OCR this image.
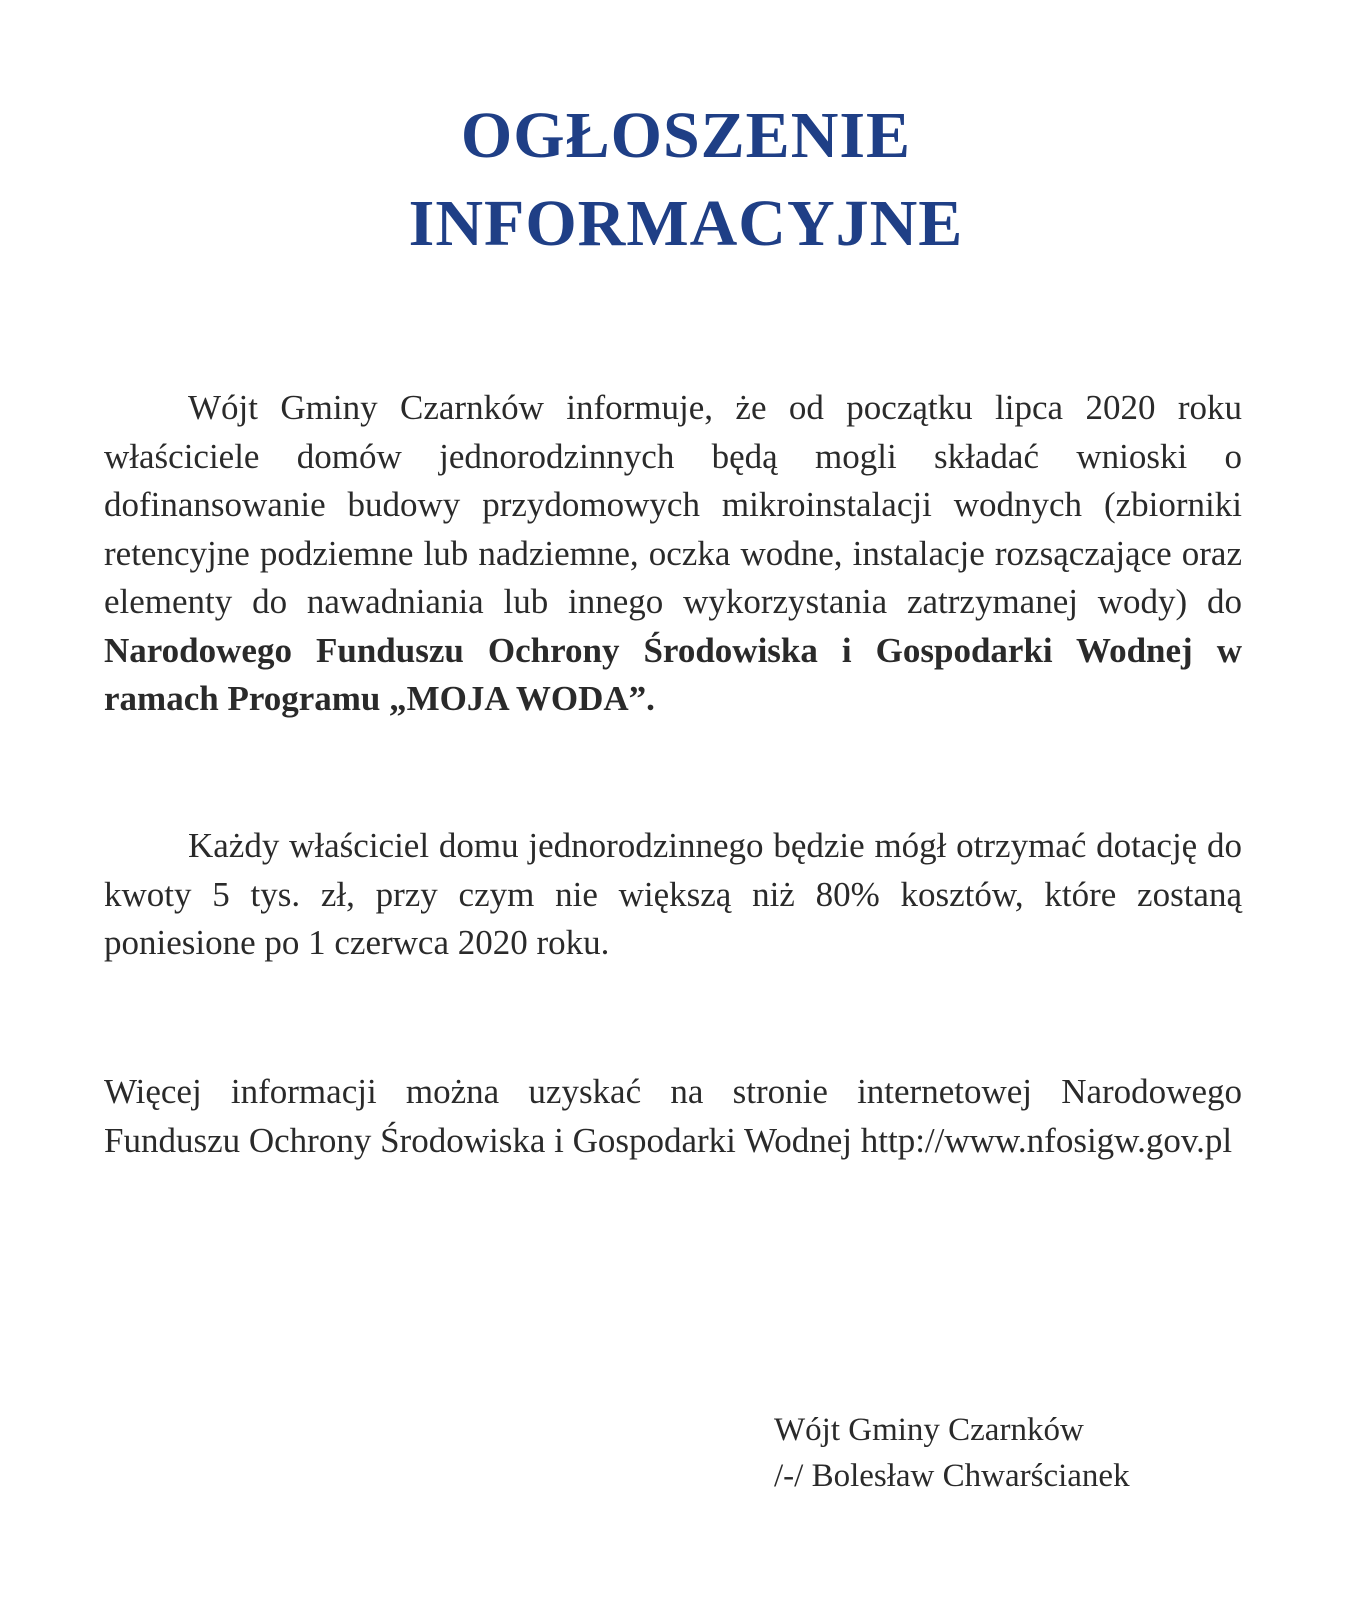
OGŁOSZENIE
INFORMACYJNE

Wójt Gminy Czarnków informuje, że od początku lipca 2020 roku właściciele domów jednorodzinnych będą mogli składać wnioski o dofinansowanie budowy przydomowych mikroinstalacji wodnych (zbiorniki retencyjne podziemne lub nadziemne, oczka wodne, instalacje rozsączające oraz elementy do nawadniania lub innego wykorzystania zatrzymanej wody) do Narodowego Funduszu Ochrony Środowiska i Gospodarki Wodnej w ramach Programu „MOJA WODA”.

Każdy właściciel domu jednorodzinnego będzie mógł otrzymać dotację do kwoty 5 tys. zł, przy czym nie większą niż 80% kosztów, które zostaną poniesione po 1 czerwca 2020 roku.

Więcej informacji można uzyskać na stronie internetowej Narodowego Funduszu Ochrony Środowiska i Gospodarki Wodnej http://www.nfosigw.gov.pl

Wójt Gminy Czarnków
/-/ Bolesław Chwarścianek
